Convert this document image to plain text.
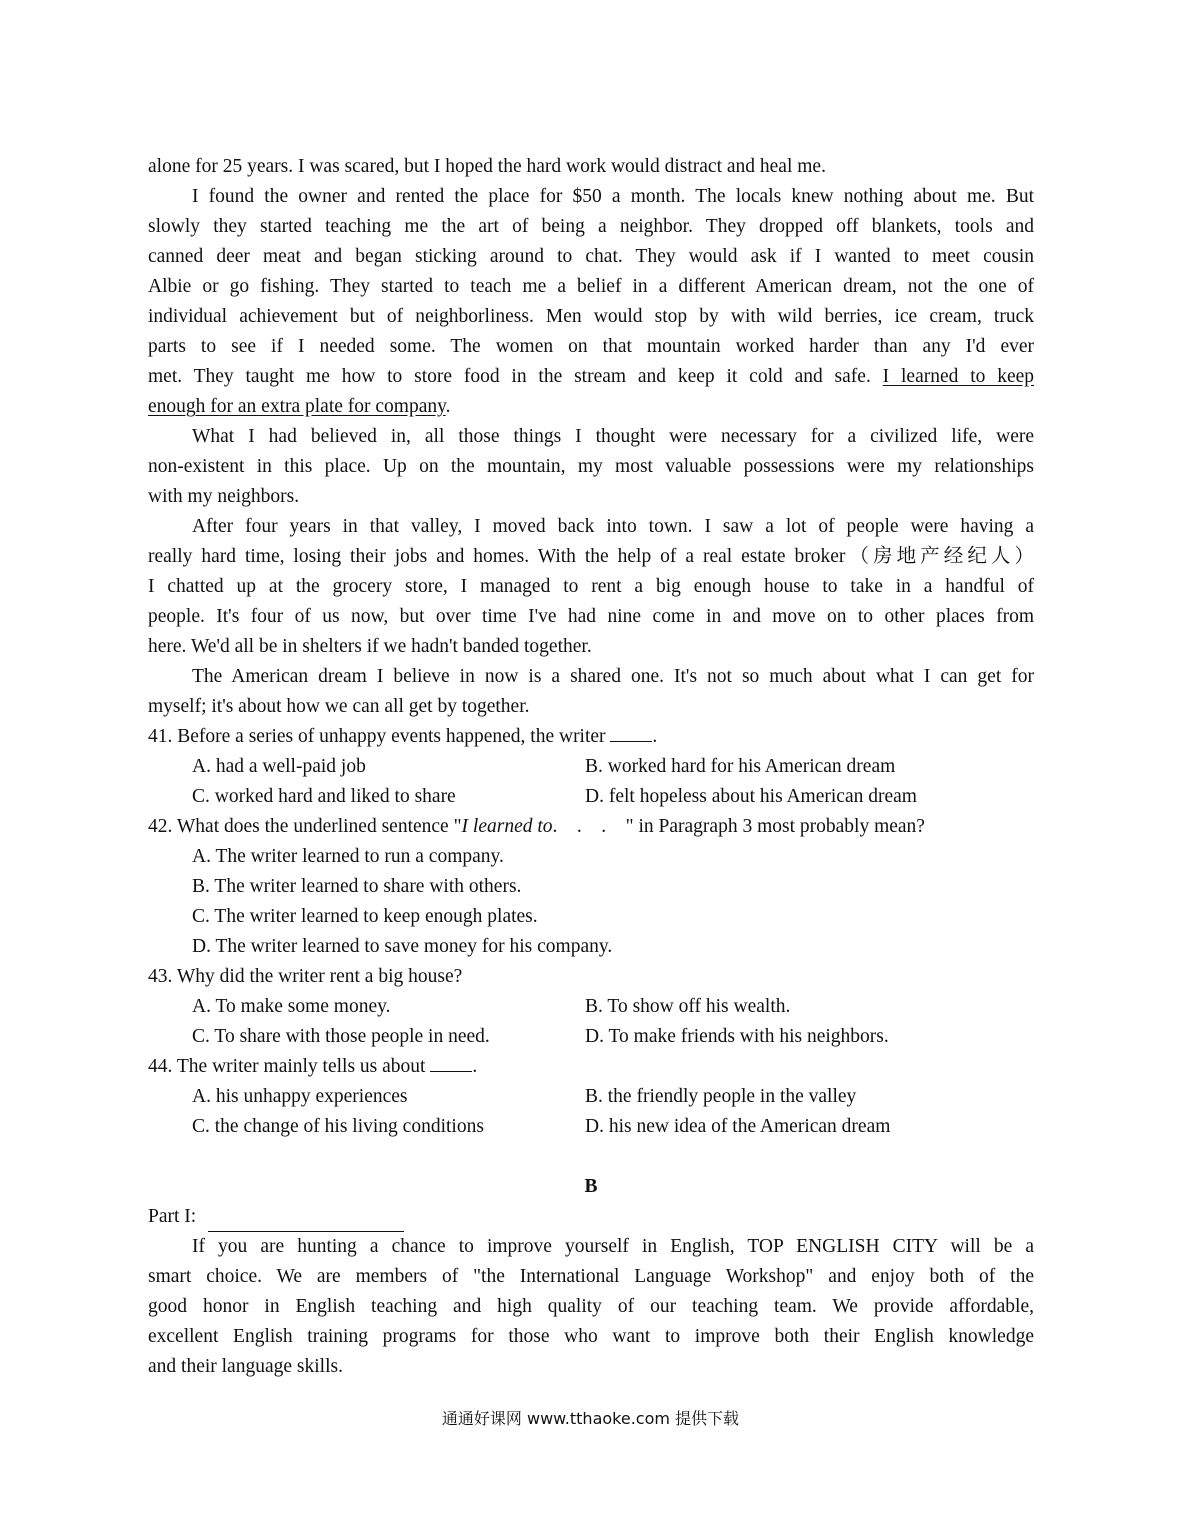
alone for 25 years. I was scared, but I hoped the hard work would distract and heal me.
I found the owner and rented the place for $50 a month. The locals knew nothing about me. But
slowly they started teaching me the art of being a neighbor. They dropped off blankets, tools and
canned deer meat and began sticking around to chat. They would ask if I wanted to meet cousin
Albie or go fishing. They started to teach me a belief in a different American dream, not the one of
individual achievement but of neighborliness. Men would stop by with wild berries, ice cream, truck
parts to see if I needed some. The women on that mountain worked harder than any I'd ever
met. They taught me how to store food in the stream and keep it cold and safe. I learned to keep
enough for an extra plate for company.
What I had believed in, all those things I thought were necessary for a civilized life, were
non-existent in this place. Up on the mountain, my most valuable possessions were my relationships
with my neighbors.
After four years in that valley, I moved back into town. I saw a lot of people were having a
really hard time, losing their jobs and homes. With the help of a real estate broker（房地产经纪人）
I chatted up at the grocery store, I managed to rent a big enough house to take in a handful of
people. It's four of us now, but over time I've had nine come in and move on to other places from
here. We'd all be in shelters if we hadn't banded together.
The American dream I believe in now is a shared one. It's not so much about what I can get for
myself; it's about how we can all get by together.
41. Before a series of unhappy events happened, the writer .
A. had a well-paid job	B. worked hard for his American dream
C. worked hard and liked to share	D. felt hopeless about his American dream
42. What does the underlined sentence "I learned to.    .    .    " in Paragraph 3 most probably mean?
A. The writer learned to run a company.
B. The writer learned to share with others.
C. The writer learned to keep enough plates.
D. The writer learned to save money for his company.
43. Why did the writer rent a big house?
A. To make some money.	B. To show off his wealth.
C. To share with those people in need.	D. To make friends with his neighbors.
44. The writer mainly tells us about .
A. his unhappy experiences	B. the friendly people in the valley
C. the change of his living conditions	D. his new idea of the American dream
B
Part I:
If you are hunting a chance to improve yourself in English, TOP ENGLISH CITY will be a
smart choice. We are members of "the International Language Workshop" and enjoy both of the
good honor in English teaching and high quality of our teaching team. We provide affordable,
excellent English training programs for those who want to improve both their English knowledge
and their language skills.
通通好课网 www.tthaoke.com 提供下载
